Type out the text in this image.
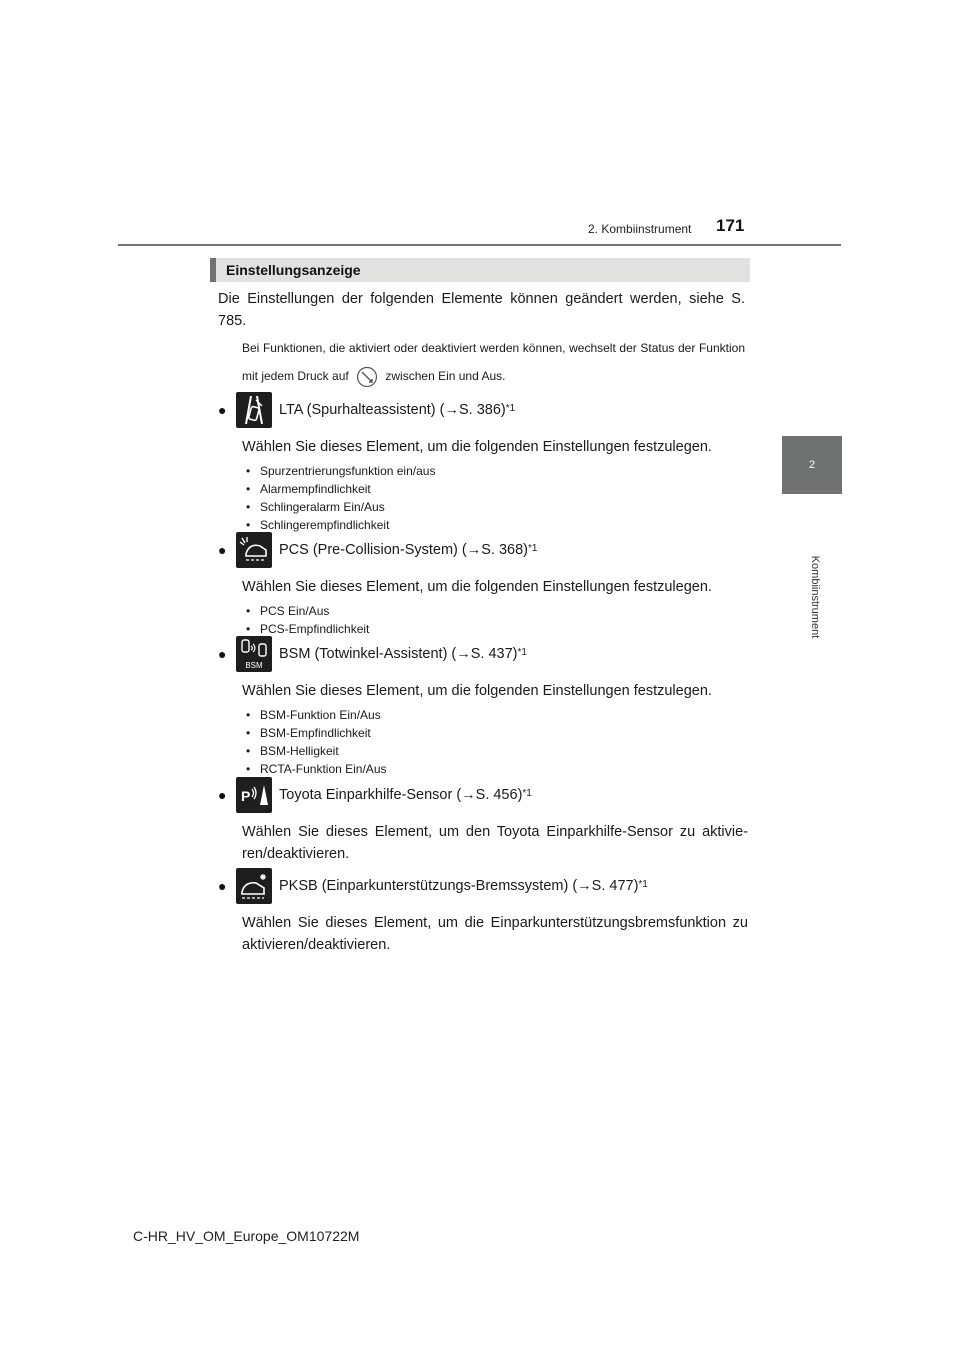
2. Kombiinstrument 171
2
Kombiinstrument
Einstellungsanzeige
Die Einstellungen der folgenden Elemente können geändert werden, siehe S. 785.
Bei Funktionen, die aktiviert oder deaktiviert werden können, wechselt der Status der Funktion mit jedem Druck auf	zwischen Ein und Aus.
●	LTA (Spurhalteassistent) (→S. 386) *1
Wählen Sie dieses Element, um die folgenden Einstellungen festzulegen.
• Spurzentrierungsfunktion ein/aus
• Alarmempfindlichkeit
• Schlingeralarm Ein/Aus
• Schlingerempfindlichkeit
●	PCS (Pre-Collision-System) (→S. 368) *1
Wählen Sie dieses Element, um die folgenden Einstellungen festzulegen.
• PCS Ein/Aus
• PCS-Empfindlichkeit
●
BSM
BSM (Totwinkel-Assistent) (→S. 437) *1
Wählen Sie dieses Element, um die folgenden Einstellungen festzulegen.
• BSM-Funktion Ein/Aus
• BSM-Empfindlichkeit
• BSM-Helligkeit
• RCTA-Funktion Ein/Aus
●	P Toyota Einparkhilfe-Sensor (→S. 456) *1
Wählen Sie dieses Element, um den Toyota Einparkhilfe-Sensor zu aktivie- ren/deaktivieren.
●	PKSB (Einparkunterstützungs-Bremssystem) (→S. 477) *1
Wählen Sie dieses Element, um die Einparkunterstützungsbremsfunktion zu aktivieren/deaktivieren.
C-HR_HV_OM_Europe_OM10722M
